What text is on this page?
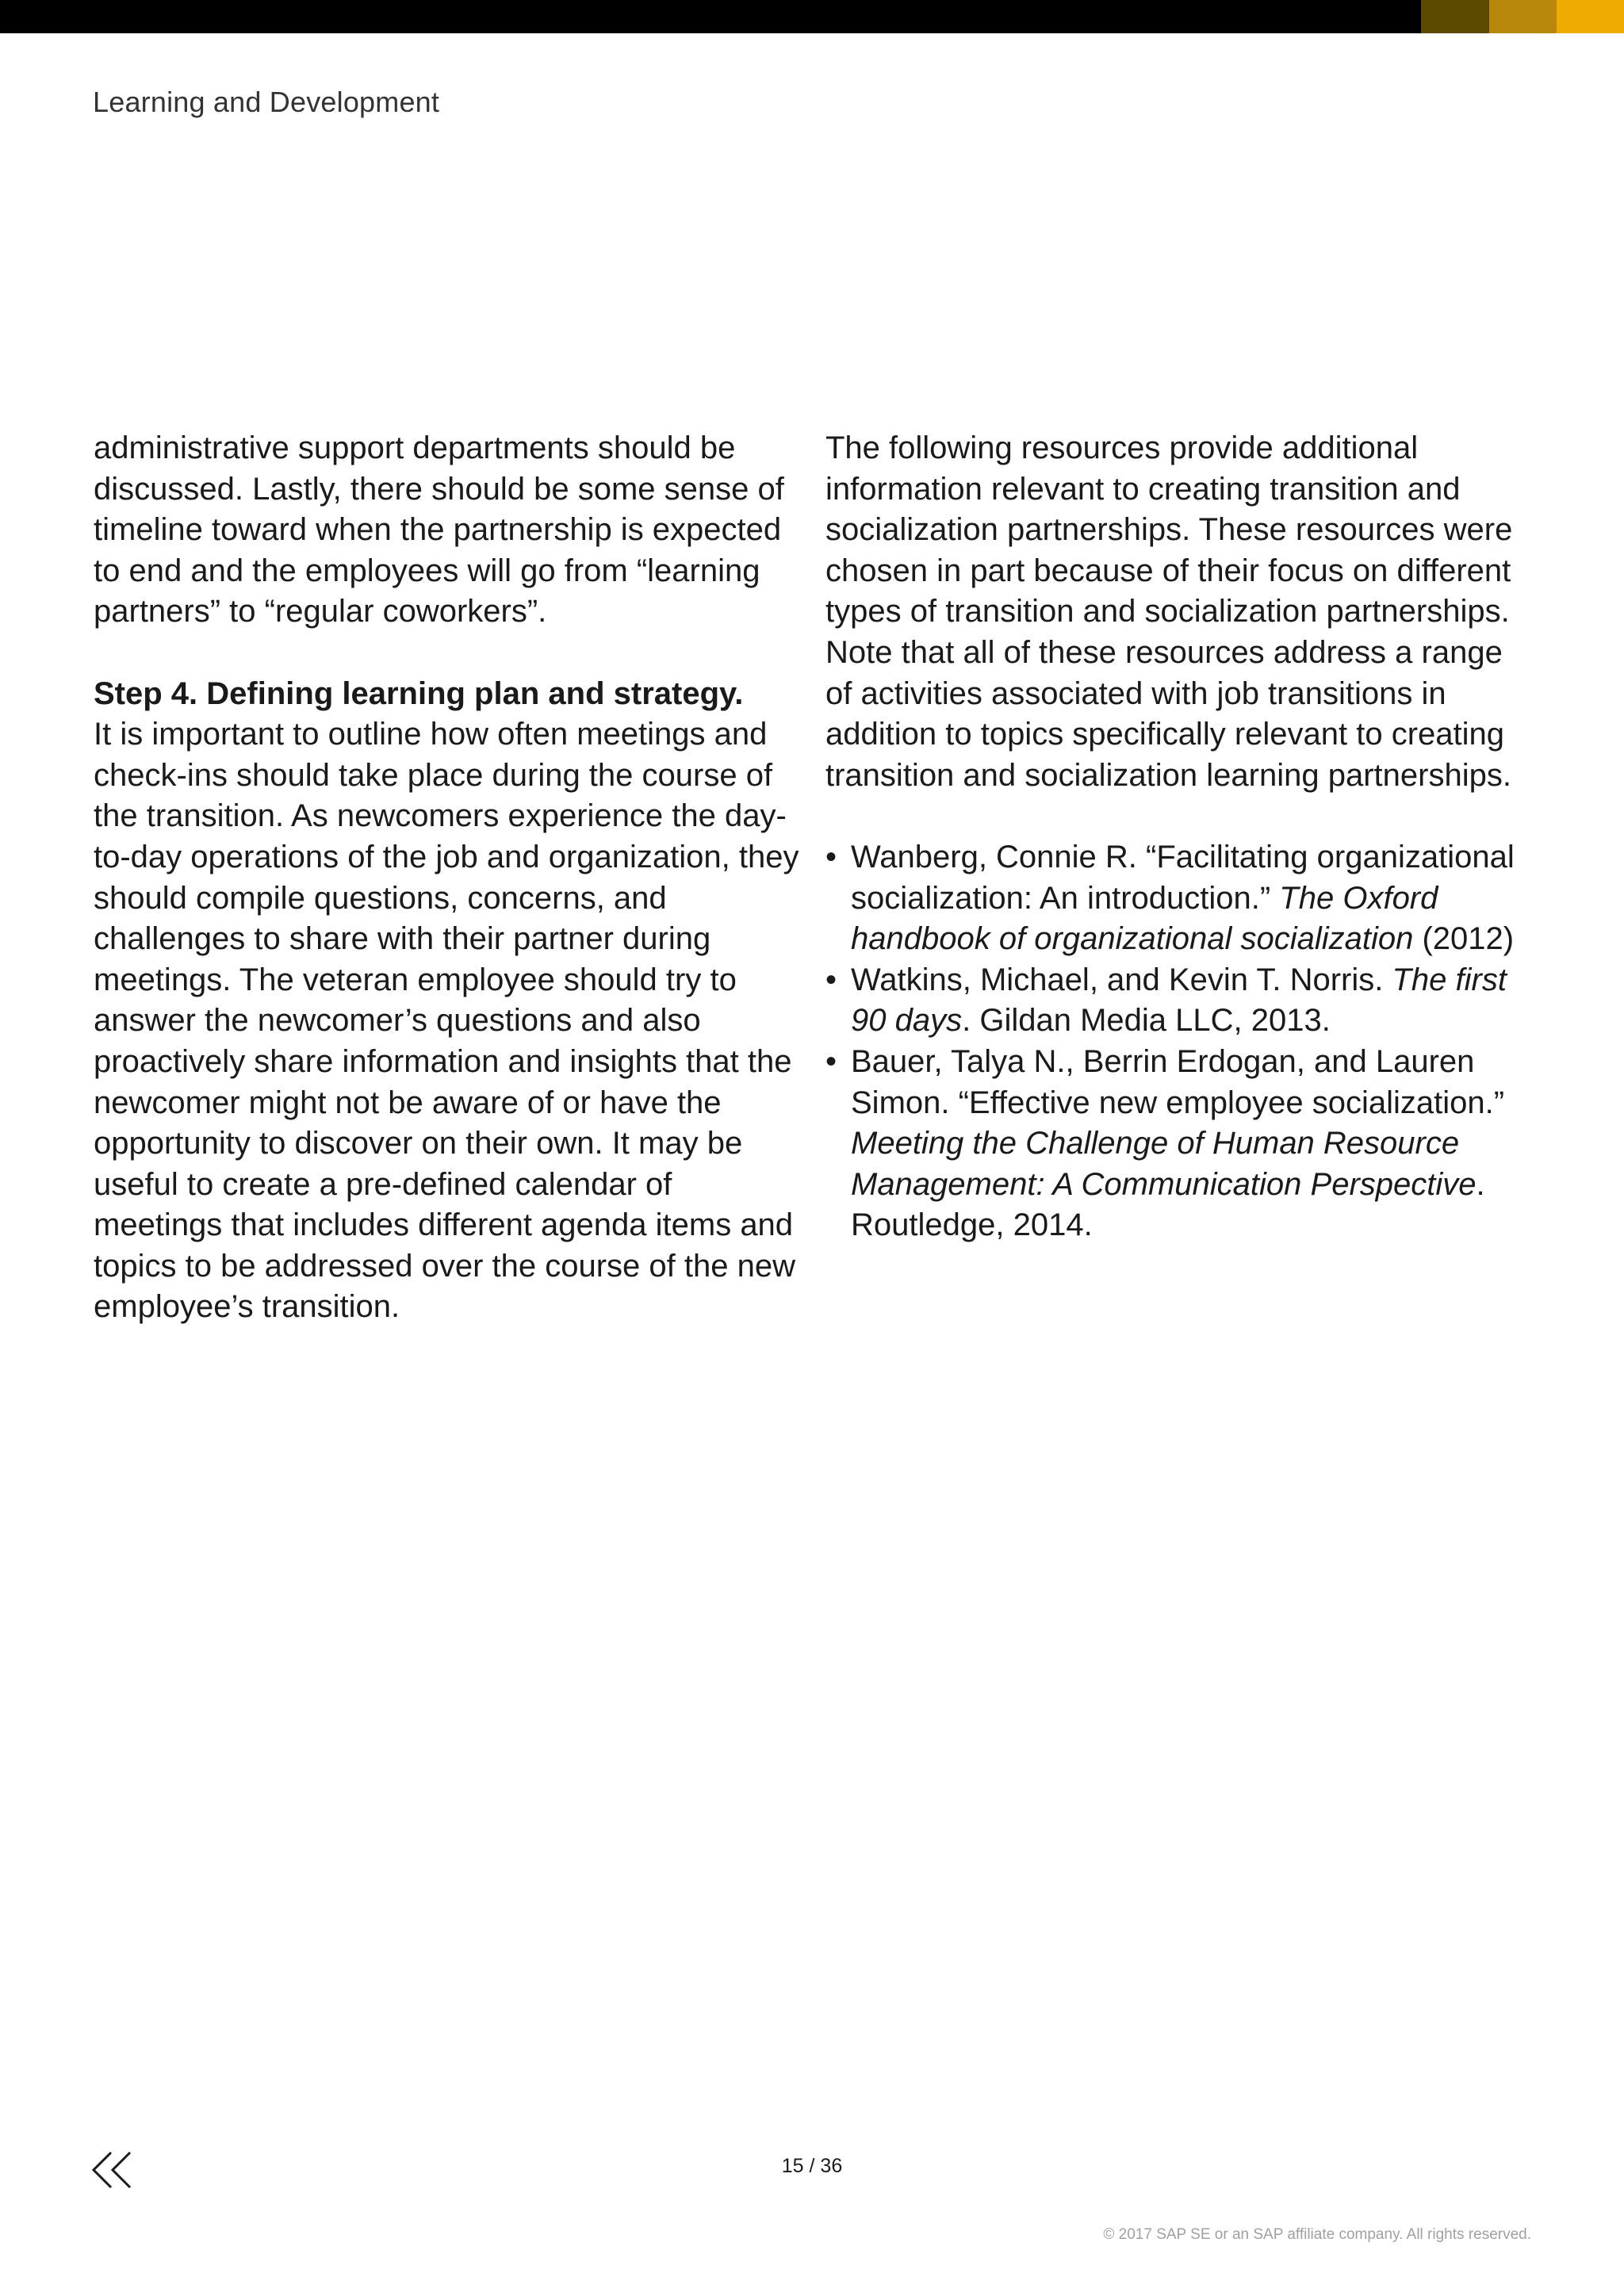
Learning and Development

administrative support departments should be discussed. Lastly, there should be some sense of timeline toward when the partnership is expected to end and the employees will go from “learning partners” to “regular coworkers”.

Step 4. Defining learning plan and strategy.
It is important to outline how often meetings and check-ins should take place during the course of the transition. As newcomers experience the day-to-day operations of the job and organization, they should compile questions, concerns, and challenges to share with their partner during meetings. The veteran employee should try to answer the newcomer’s questions and also proactively share information and insights that the newcomer might not be aware of or have the opportunity to discover on their own. It may be useful to create a pre-defined calendar of meetings that includes different agenda items and topics to be addressed over the course of the new employee’s transition.

The following resources provide additional information relevant to creating transition and socialization partnerships. These resources were chosen in part because of their focus on different types of transition and socialization partnerships. Note that all of these resources address a range of activities associated with job transitions in addition to topics specifically relevant to creating transition and socialization learning partnerships.

• Wanberg, Connie R. “Facilitating organizational socialization: An introduction.” The Oxford handbook of organizational socialization (2012)
• Watkins, Michael, and Kevin T. Norris. The first 90 days. Gildan Media LLC, 2013.
• Bauer, Talya N., Berrin Erdogan, and Lauren Simon. “Effective new employee socialization.” Meeting the Challenge of Human Resource Management: A Communication Perspective. Routledge, 2014.
15 / 36
© 2017 SAP SE or an SAP affiliate company. All rights reserved.
